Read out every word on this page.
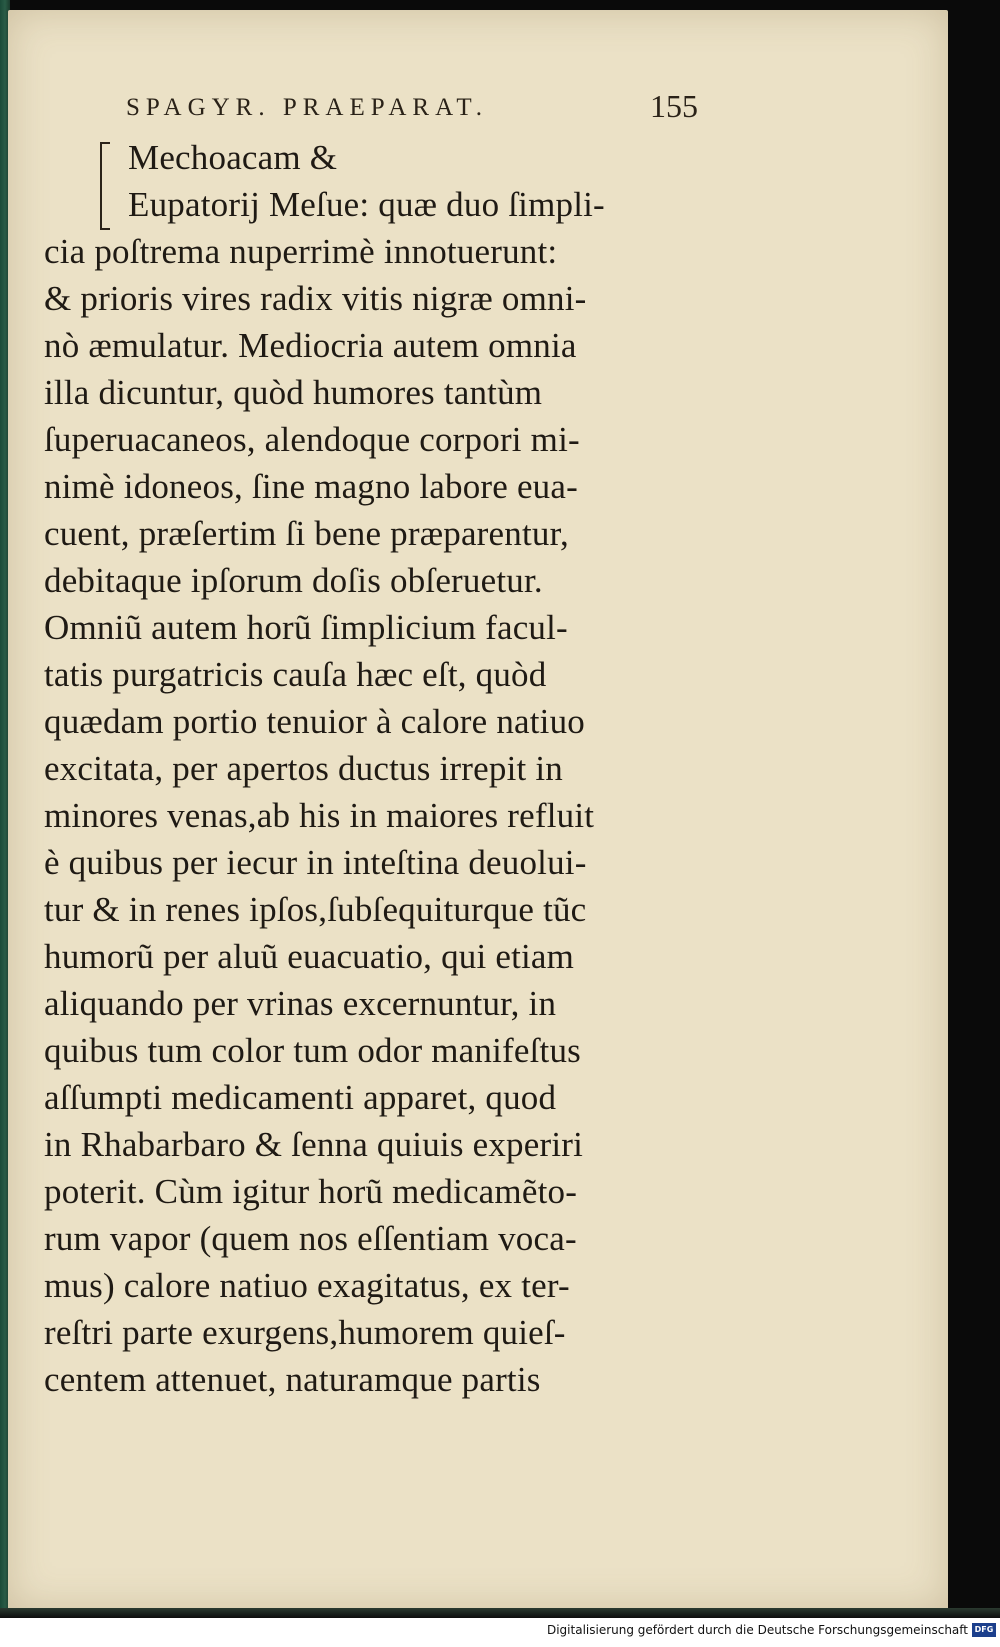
SPAGYR. PRAEPARAT.	155
Mechoacam &
Eupatorij Meſue: quæ duo ſimpli-
cia poſtrema nuperrimè innotuerunt:
& prioris vires radix vitis nigræ omni-
nò æmulatur. Mediocria autem omnia
illa dicuntur, quòd humores tantùm
ſuperuacaneos, alendoque corpori mi-
nimè idoneos, ſine magno labore eua-
cuent, præſertim ſi bene præparentur,
debitaque ipſorum doſis obſeruetur.
Omniũ autem horũ ſimplicium facul-
tatis purgatricis cauſa hæc eſt, quòd
quædam portio tenuior à calore natiuo
excitata, per apertos ductus irrepit in
minores venas,ab his in maiores refluit
è quibus per iecur in inteſtina deuolui-
tur & in renes ipſos,ſubſequiturque tũc
humorũ per aluũ euacuatio, qui etiam
aliquando per vrinas excernuntur, in
quibus tum color tum odor manifeſtus
aſſumpti medicamenti apparet, quod
in Rhabarbaro & ſenna quiuis experiri
poterit. Cùm igitur horũ medicamẽto-
rum vapor (quem nos eſſentiam voca-
mus) calore natiuo exagitatus, ex ter-
reſtri parte exurgens,humorem quieſ-
centem attenuet, naturamque partis
Digitalisierung gefördert durch die Deutsche Forschungsgemeinschaft DFG
